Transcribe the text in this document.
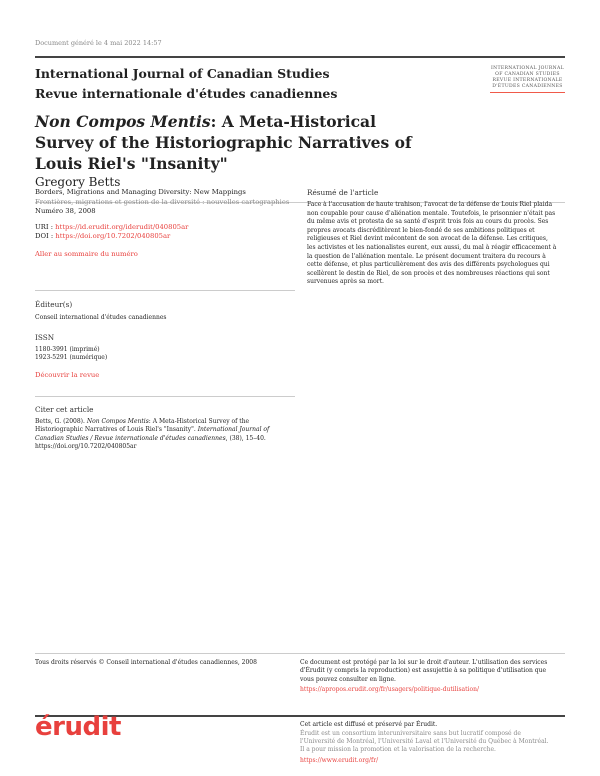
Document généré le 4 mai 2022 14:57
International Journal of Canadian Studies
Revue internationale d'études canadiennes
INTERNATIONAL JOURNAL
OF CANADIAN STUDIES
REVUE INTERNATIONALE
D'ÉTUDES CANADIENNES
Non Compos Mentis: A Meta-Historical Survey of the Historiographic Narratives of Louis Riel's "Insanity"
Gregory Betts
Borders, Migrations and Managing Diversity: New Mappings
Frontières, migrations et gestion de la diversité : nouvelles cartographies
Numéro 38, 2008
URI : https://id.erudit.org/iderudit/040805ar
DOI : https://doi.org/10.7202/040805ar
Aller au sommaire du numéro
Éditeur(s)
Conseil international d'études canadiennes
ISSN
1180-3991 (imprimé)
1923-5291 (numérique)
Découvrir la revue
Citer cet article
Betts, G. (2008). Non Compos Mentis: A Meta-Historical Survey of the Historiographic Narratives of Louis Riel's "Insanity". International Journal of Canadian Studies / Revue internationale d'études canadiennes, (38), 15–40. https://doi.org/10.7202/040805ar
Résumé de l'article
Face à l'accusation de haute trahison, l'avocat de la défense de Louis Riel plaida non coupable pour cause d'aliénation mentale. Toutefois, le prisonnier n'était pas du même avis et protesta de sa santé d'esprit trois fois au cours du procès. Ses propres avocats discréditèrent le bien-fondé de ses ambitions politiques et religieuses et Riel devint mécontent de son avocat de la défense. Les critiques, les activistes et les nationalistes eurent, eux aussi, du mal à réagir efficacement à la question de l'aliénation mentale. Le présent document traitera du recours à cette défense, et plus particulièrement des avis des différents psychologues qui scellèrent le destin de Riel, de son procès et des nombreuses réactions qui sont survenues après sa mort.
Tous droits réservés © Conseil international d'études canadiennes, 2008	Ce document est protégé par la loi sur le droit d'auteur. L'utilisation des services d'Érudit (y compris la reproduction) est assujettie à sa politique d'utilisation que vous pouvez consulter en ligne.
https://apropos.erudit.org/fr/usagers/politique-dutilisation/
érudit	Cet article est diffusé et préservé par Érudit.
Érudit est un consortium interuniversitaire sans but lucratif composé de l'Université de Montréal, l'Université Laval et l'Université du Québec à Montréal. Il a pour mission la promotion et la valorisation de la recherche.
https://www.erudit.org/fr/
